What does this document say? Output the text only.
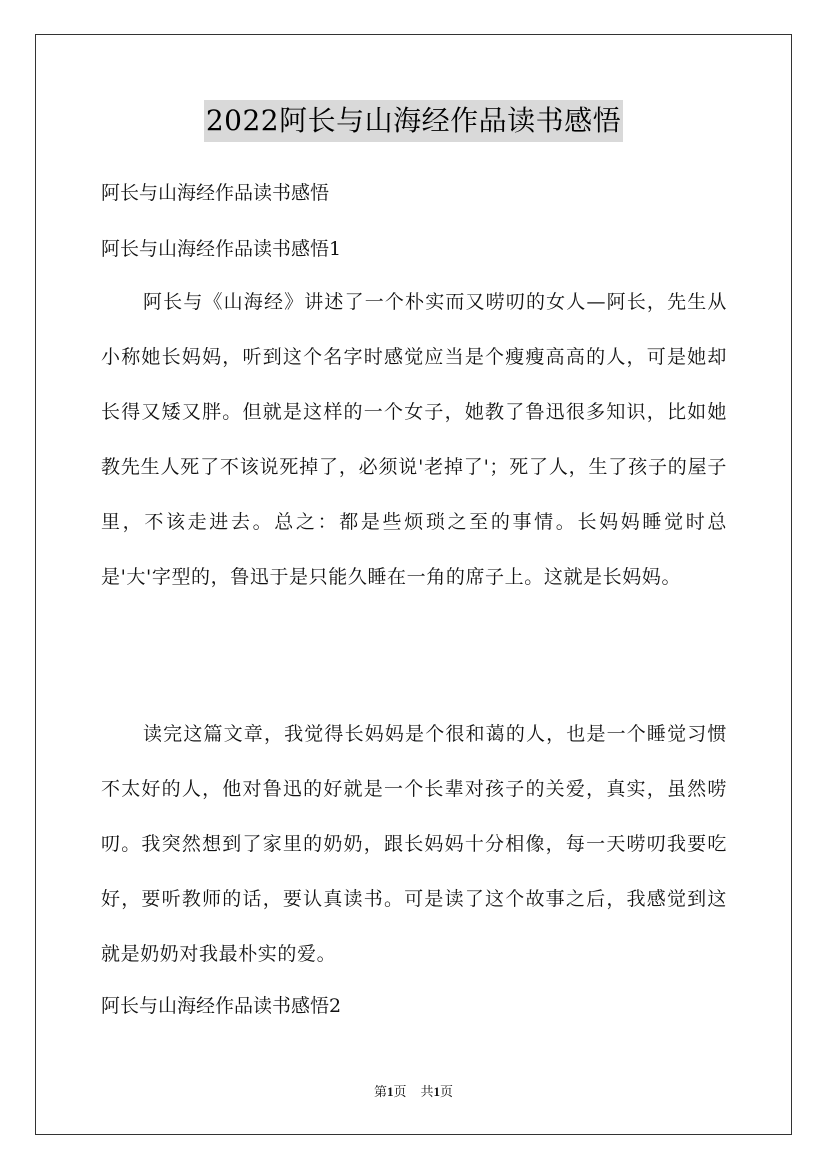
2022阿长与山海经作品读书感悟
阿长与山海经作品读书感悟
阿长与山海经作品读书感悟1

阿长与《山海经》讲述了一个朴实而又唠叨的女人—阿长，先生从小称她长妈妈，听到这个名字时感觉应当是个瘦瘦高高的人，可是她却长得又矮又胖。但就是这样的一个女子，她教了鲁迅很多知识，比如她教先生人死了不该说死掉了，必须说'老掉了'；死了人，生了孩子的屋子里，不该走进去。总之：都是些烦琐之至的事情。长妈妈睡觉时总是'大'字型的，鲁迅于是只能久睡在一角的席子上。这就是长妈妈。

读完这篇文章，我觉得长妈妈是个很和蔼的人，也是一个睡觉习惯不太好的人，他对鲁迅的好就是一个长辈对孩子的关爱，真实，虽然唠叨。我突然想到了家里的奶奶，跟长妈妈十分相像，每一天唠叨我要吃好，要听教师的话，要认真读书。可是读了这个故事之后，我感觉到这就是奶奶对我最朴实的爱。

阿长与山海经作品读书感悟2
第1页 共1页
